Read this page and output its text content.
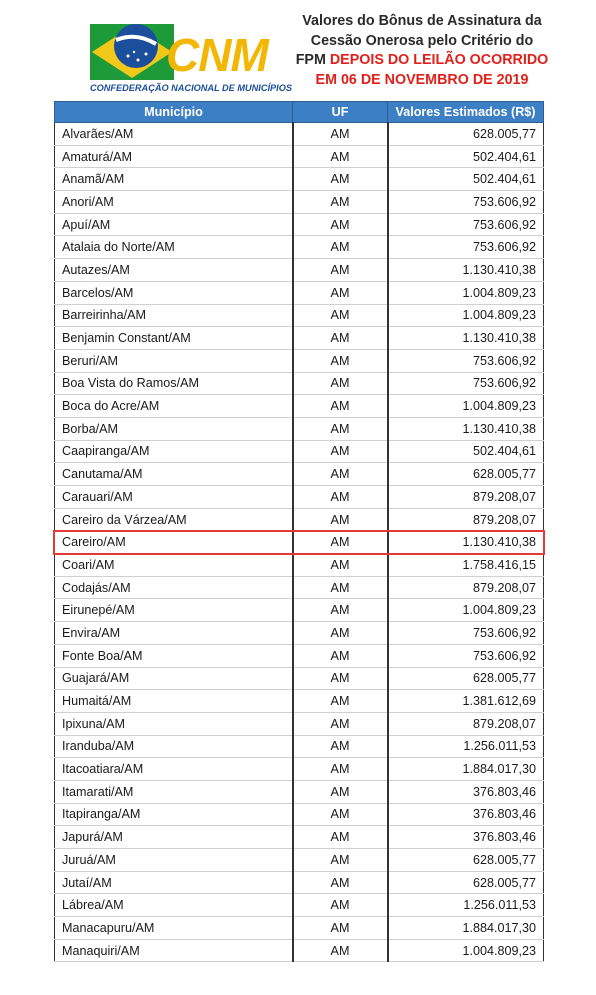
CNM
CONFEDERAÇÃO NACIONAL DE MUNICÍPIOS
Valores do Bônus de Assinatura da
Cessão Onerosa pelo Critério do
FPM DEPOIS DO LEILÃO OCORRIDO
EM 06 DE NOVEMBRO DE 2019
Município	UF	Valores Estimados (R$)
Alvarães/AM	AM	628.005,77
Amaturá/AM	AM	502.404,61
Anamã/AM	AM	502.404,61
Anori/AM	AM	753.606,92
Apuí/AM	AM	753.606,92
Atalaia do Norte/AM	AM	753.606,92
Autazes/AM	AM	1.130.410,38
Barcelos/AM	AM	1.004.809,23
Barreirinha/AM	AM	1.004.809,23
Benjamin Constant/AM	AM	1.130.410,38
Beruri/AM	AM	753.606,92
Boa Vista do Ramos/AM	AM	753.606,92
Boca do Acre/AM	AM	1.004.809,23
Borba/AM	AM	1.130.410,38
Caapiranga/AM	AM	502.404,61
Canutama/AM	AM	628.005,77
Carauari/AM	AM	879.208,07
Careiro da Várzea/AM	AM	879.208,07
Careiro/AM	AM	1.130.410,38
Coari/AM	AM	1.758.416,15
Codajás/AM	AM	879.208,07
Eirunepé/AM	AM	1.004.809,23
Envira/AM	AM	753.606,92
Fonte Boa/AM	AM	753.606,92
Guajará/AM	AM	628.005,77
Humaitá/AM	AM	1.381.612,69
Ipixuna/AM	AM	879.208,07
Iranduba/AM	AM	1.256.011,53
Itacoatiara/AM	AM	1.884.017,30
Itamarati/AM	AM	376.803,46
Itapiranga/AM	AM	376.803,46
Japurá/AM	AM	376.803,46
Juruá/AM	AM	628.005,77
Jutaí/AM	AM	628.005,77
Lábrea/AM	AM	1.256.011,53
Manacapuru/AM	AM	1.884.017,30
Manaquiri/AM	AM	1.004.809,23
